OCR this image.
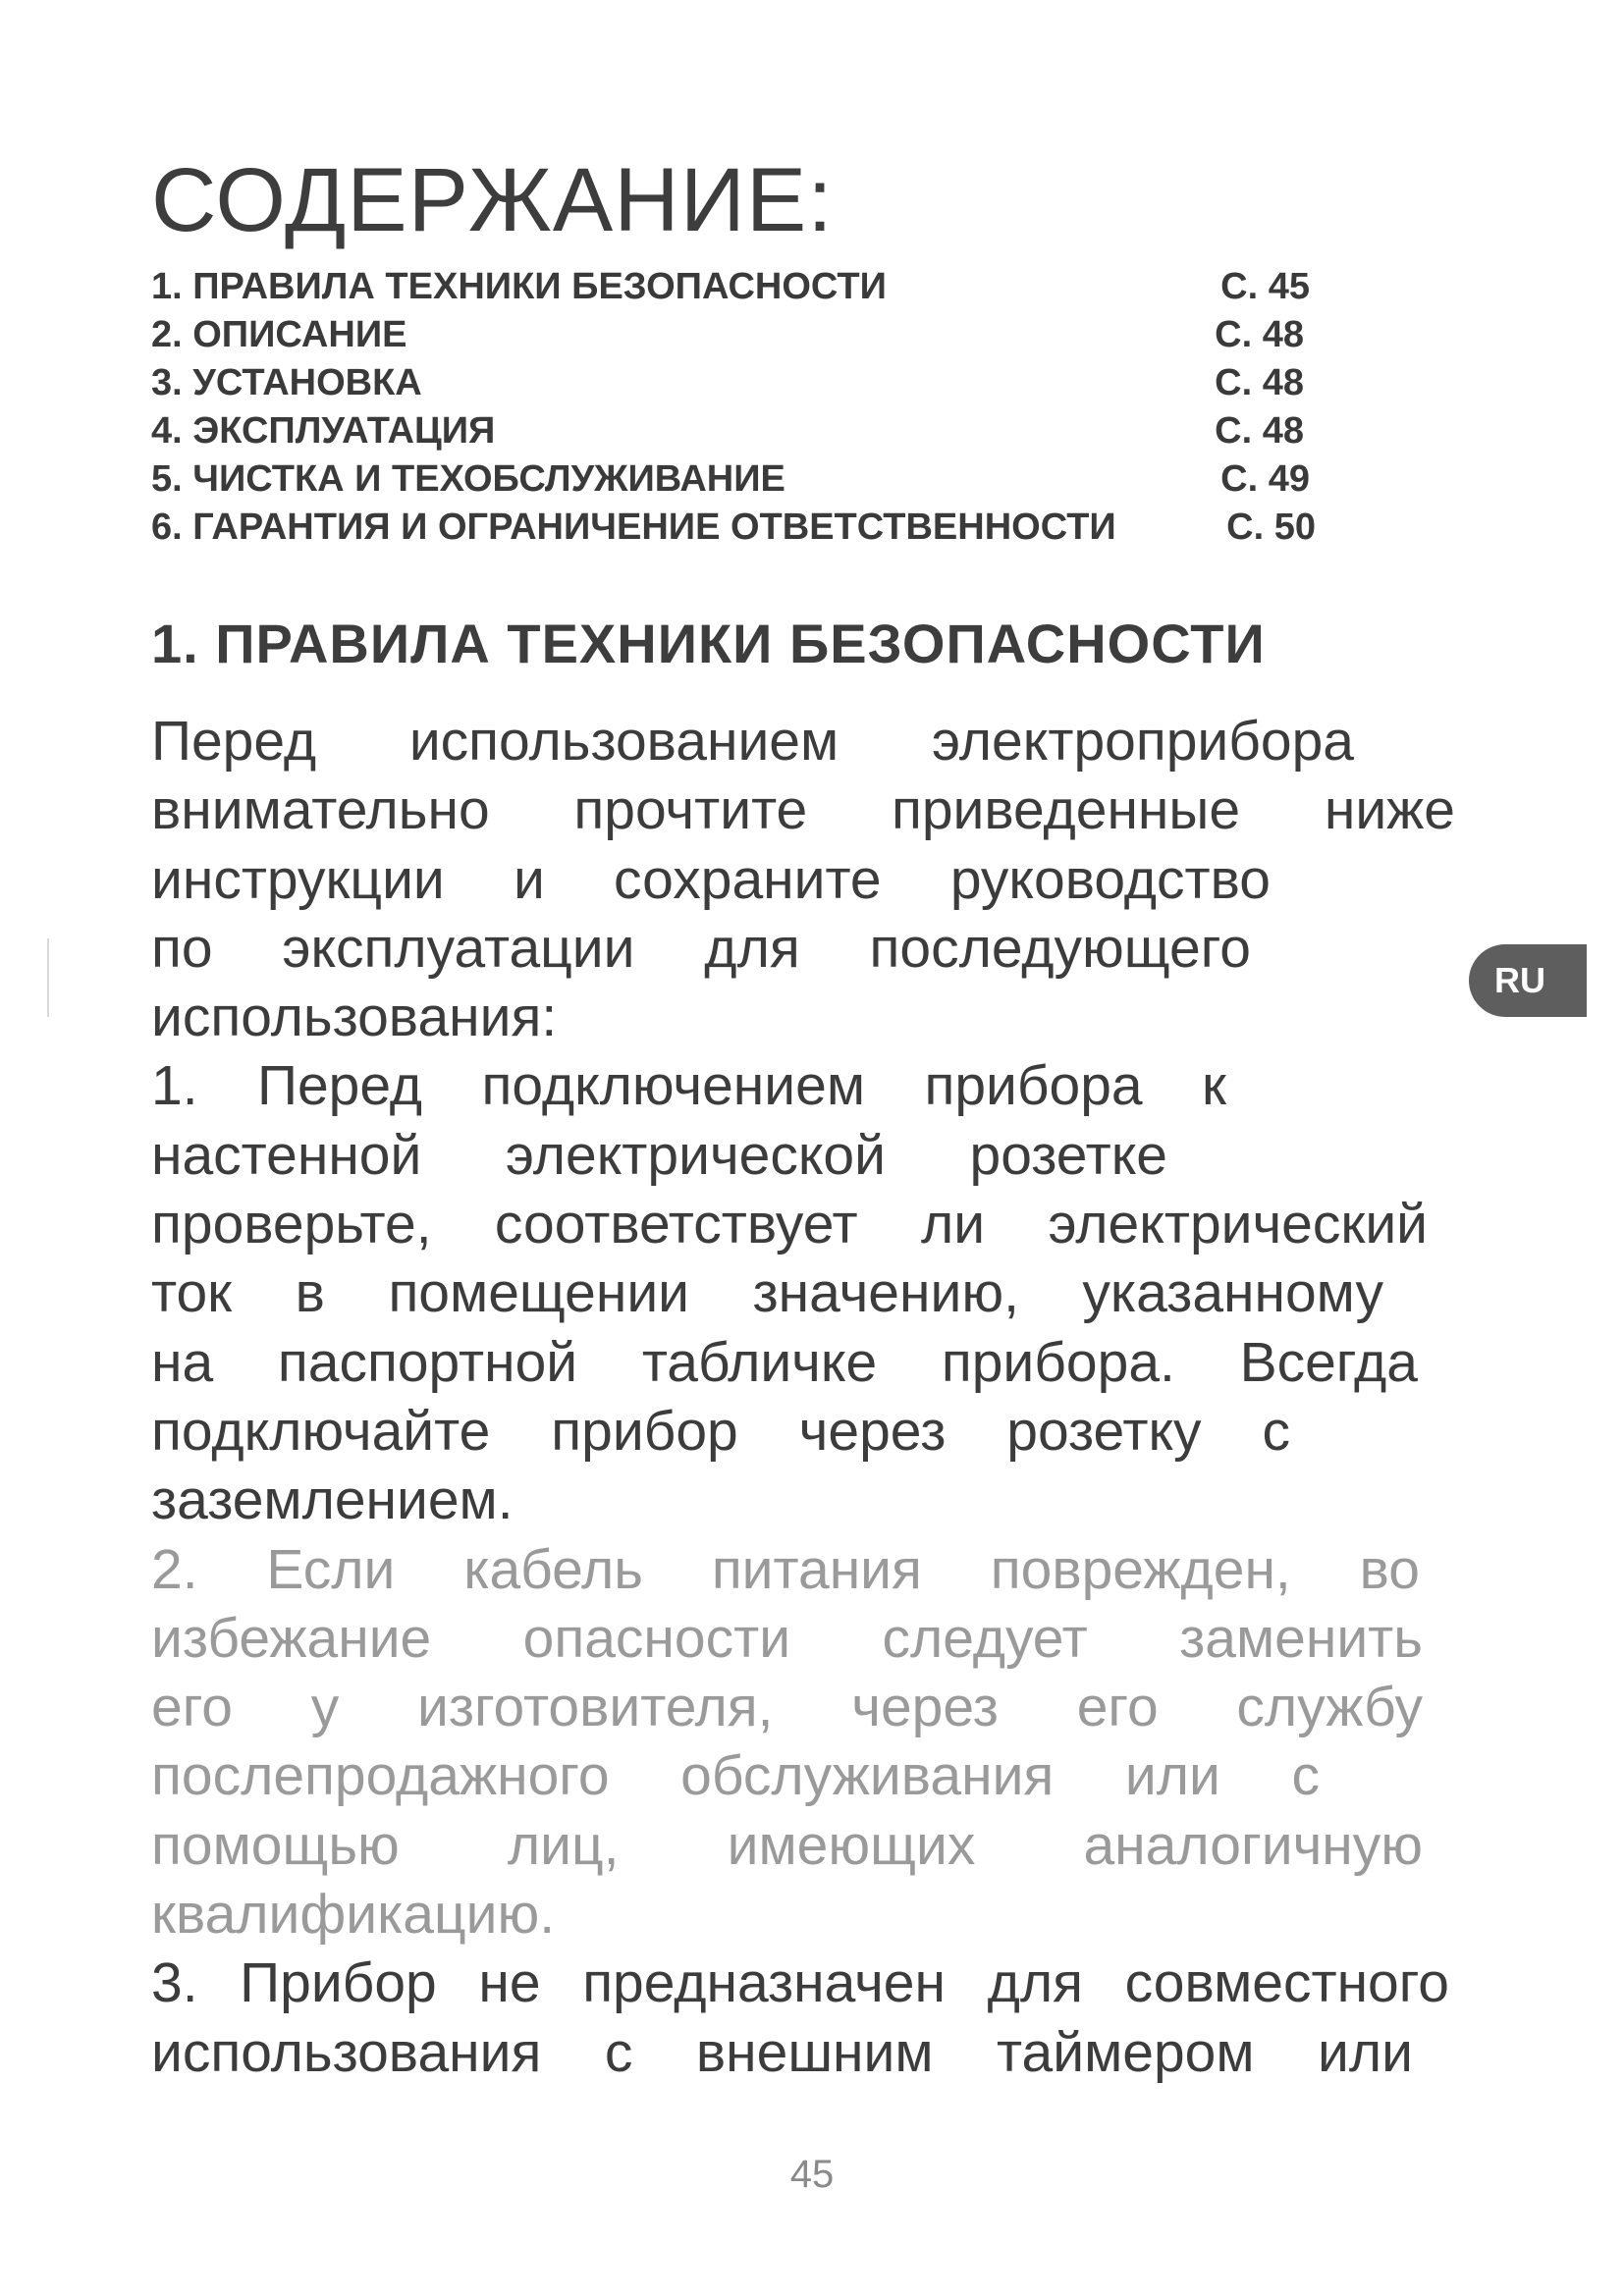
СОДЕРЖАНИЕ:
1. ПРАВИЛА ТЕХНИКИ БЕЗОПАСНОСТИ	С. 45
2. ОПИСАНИЕ	С. 48
3. УСТАНОВКА	С. 48
4. ЭКСПЛУАТАЦИЯ	С. 48
5. ЧИСТКА И ТЕХОБСЛУЖИВАНИЕ	С. 49
6. ГАРАНТИЯ И ОГРАНИЧЕНИЕ ОТВЕТСТВЕННОСТИ	С. 50
1. ПРАВИЛА ТЕХНИКИ БЕЗОПАСНОСТИ
Перед использованием электроприбора
внимательно прочтите приведенные ниже
инструкции и сохраните руководство
по эксплуатации для последующего
использования:
1. Перед подключением прибора к
настенной электрической розетке
проверьте, соответствует ли электрический
ток в помещении значению, указанному
на паспортной табличке прибора. Всегда
подключайте прибор через розетку с
заземлением.
2. Если кабель питания поврежден, во
избежание опасности следует заменить
его у изготовителя, через его службу
послепродажного обслуживания или с
помощью лиц, имеющих аналогичную
квалификацию.
3. Прибор не предназначен для совместного
использования с внешним таймером или
RU
45
